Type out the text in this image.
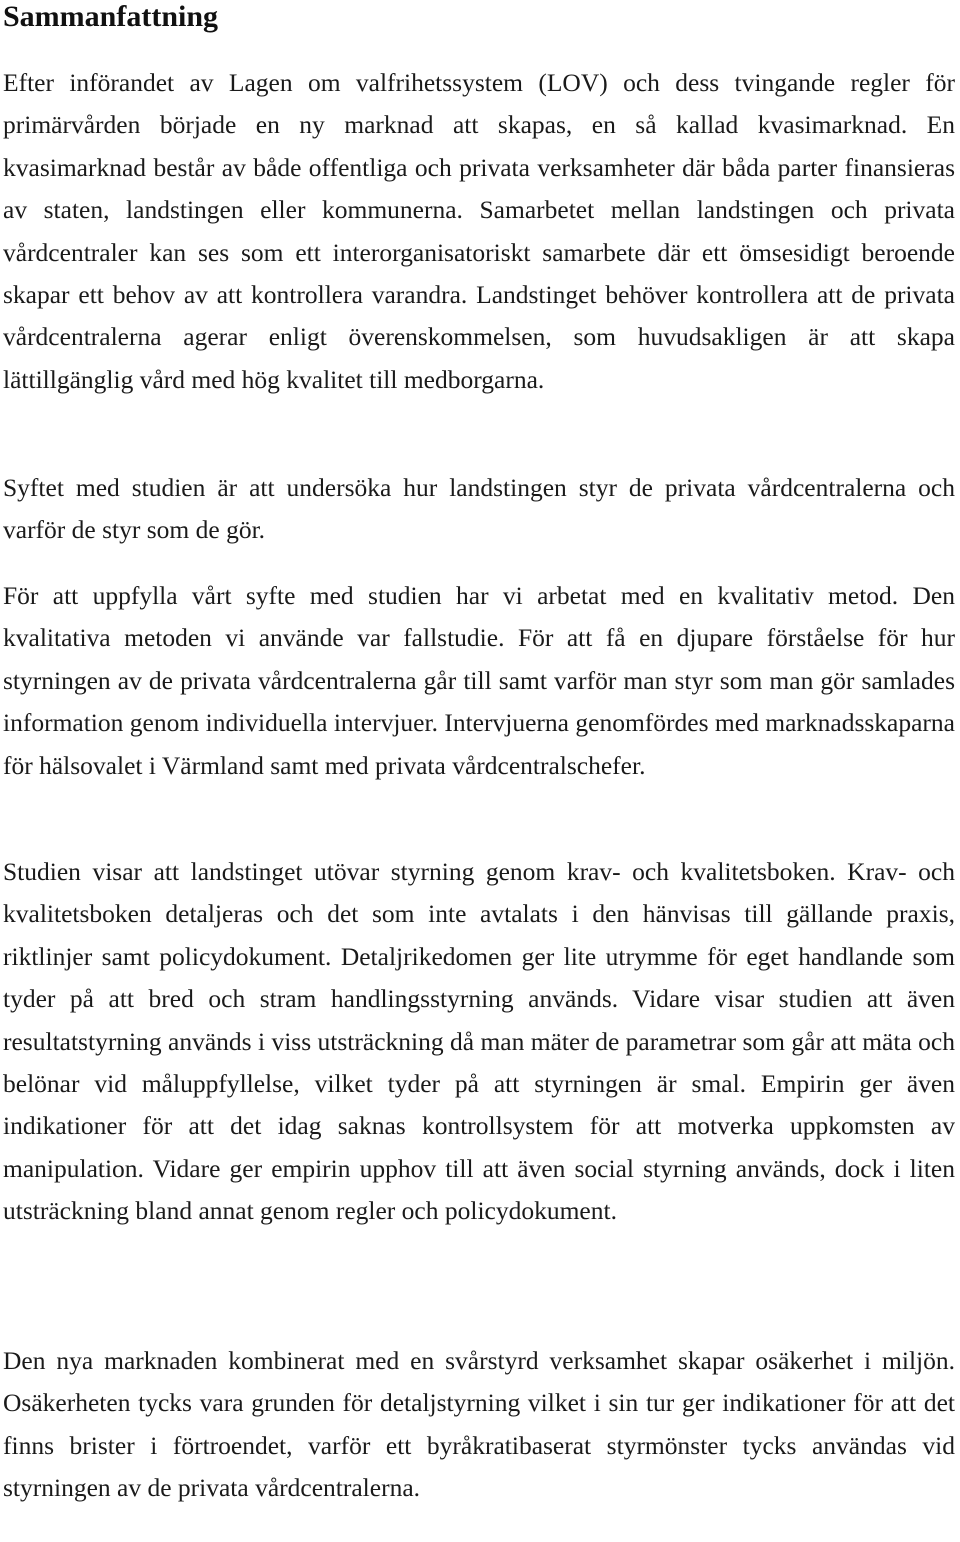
Sammanfattning

Efter införandet av Lagen om valfrihetssystem (LOV) och dess tvingande regler för primärvården började en ny marknad att skapas, en så kallad kvasimarknad. En kvasimarknad består av både offentliga och privata verksamheter där båda parter finansieras av staten, landstingen eller kommunerna. Samarbetet mellan landstingen och privata vårdcentraler kan ses som ett interorganisatoriskt samarbete där ett ömsesidigt beroende skapar ett behov av att kontrollera varandra. Landstinget behöver kontrollera att de privata vårdcentralerna agerar enligt överenskommelsen, som huvudsakligen är att skapa lättillgänglig vård med hög kvalitet till medborgarna.

Syftet med studien är att undersöka hur landstingen styr de privata vårdcentralerna och varför de styr som de gör.

För att uppfylla vårt syfte med studien har vi arbetat med en kvalitativ metod. Den kvalitativa metoden vi använde var fallstudie. För att få en djupare förståelse för hur styrningen av de privata vårdcentralerna går till samt varför man styr som man gör samlades information genom individuella intervjuer. Intervjuerna genomfördes med marknadsskaparna för hälsovalet i Värmland samt med privata vårdcentralschefer.

Studien visar att landstinget utövar styrning genom krav- och kvalitetsboken. Krav- och kvalitetsboken detaljeras och det som inte avtalats i den hänvisas till gällande praxis, riktlinjer samt policydokument. Detaljrikedomen ger lite utrymme för eget handlande som tyder på att bred och stram handlingsstyrning används. Vidare visar studien att även resultatstyrning används i viss utsträckning då man mäter de parametrar som går att mäta och belönar vid måluppfyllelse, vilket tyder på att styrningen är smal. Empirin ger även indikationer för att det idag saknas kontrollsystem för att motverka uppkomsten av manipulation. Vidare ger empirin upphov till att även social styrning används, dock i liten utsträckning bland annat genom regler och policydokument.

Den nya marknaden kombinerat med en svårstyrd verksamhet skapar osäkerhet i miljön. Osäkerheten tycks vara grunden för detaljstyrning vilket i sin tur ger indikationer för att det finns brister i förtroendet, varför ett byråkratibaserat styrmönster tycks användas vid styrningen av de privata vårdcentralerna.
